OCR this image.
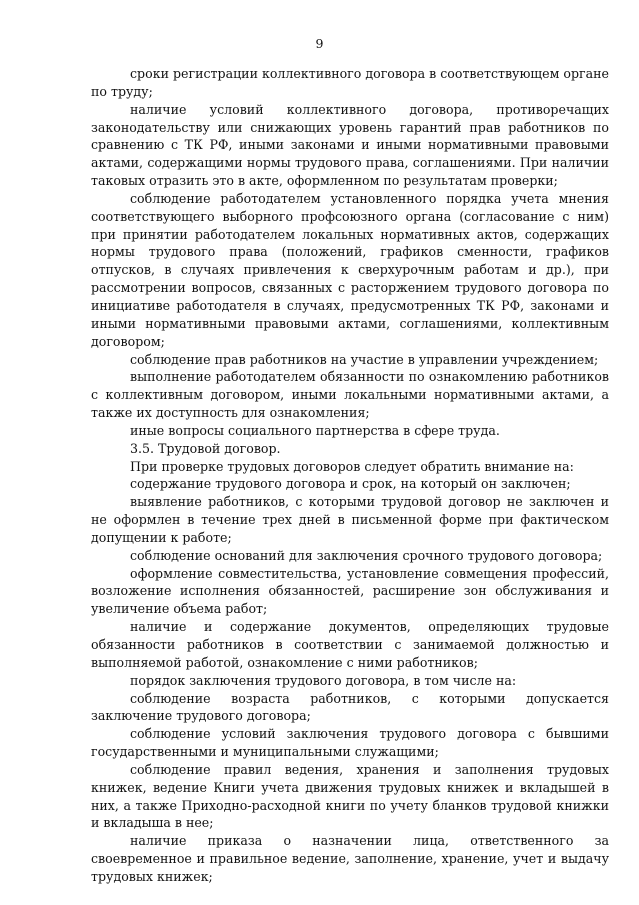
9

сроки регистрации коллективного договора в соответствующем органе по труду;

наличие условий коллективного договора, противоречащих законодательству или снижающих уровень гарантий прав работников по сравнению с ТК РФ, иными законами и иными нормативными правовыми актами, содержащими нормы трудового права, соглашениями. При наличии таковых отразить это в акте, оформленном по результатам проверки;

соблюдение работодателем установленного порядка учета мнения соответствующего выборного профсоюзного органа (согласование с ним) при принятии работодателем локальных нормативных актов, содержащих нормы трудового права (положений, графиков сменности, графиков отпусков, в случаях привлечения к сверхурочным работам и др.), при рассмотрении вопросов, связанных с расторжением трудового договора по инициативе работодателя в случаях, предусмотренных ТК РФ, законами и иными нормативными правовыми актами, соглашениями, коллективным договором;

соблюдение прав работников на участие в управлении учреждением;

выполнение работодателем обязанности по ознакомлению работников с коллективным договором, иными локальными нормативными актами, а также их доступность для ознакомления;

иные вопросы социального партнерства в сфере труда.

3.5. Трудовой договор.

При проверке трудовых договоров следует обратить внимание на:

содержание трудового договора и срок, на который он заключен;

выявление работников, с которыми трудовой договор не заключен и не оформлен в течение трех дней в письменной форме при фактическом допущении к работе;

соблюдение оснований для заключения срочного трудового договора;

оформление совместительства, установление совмещения профессий, возложение исполнения обязанностей, расширение зон обслуживания и увеличение объема работ;

наличие и содержание документов, определяющих трудовые обязанности работников в соответствии с занимаемой должностью и выполняемой работой, ознакомление с ними работников;

порядок заключения трудового договора, в том числе на:

соблюдение возраста работников, с которыми допускается заключение трудового договора;

соблюдение условий заключения трудового договора с бывшими государственными и муниципальными служащими;

соблюдение правил ведения, хранения и заполнения трудовых книжек, ведение Книги учета движения трудовых книжек и вкладышей в них, а также Приходно-расходной книги по учету бланков трудовой книжки и вкладыша в нее;

наличие приказа о назначении лица, ответственного за своевременное и правильное ведение, заполнение, хранение, учет и выдачу трудовых книжек;
